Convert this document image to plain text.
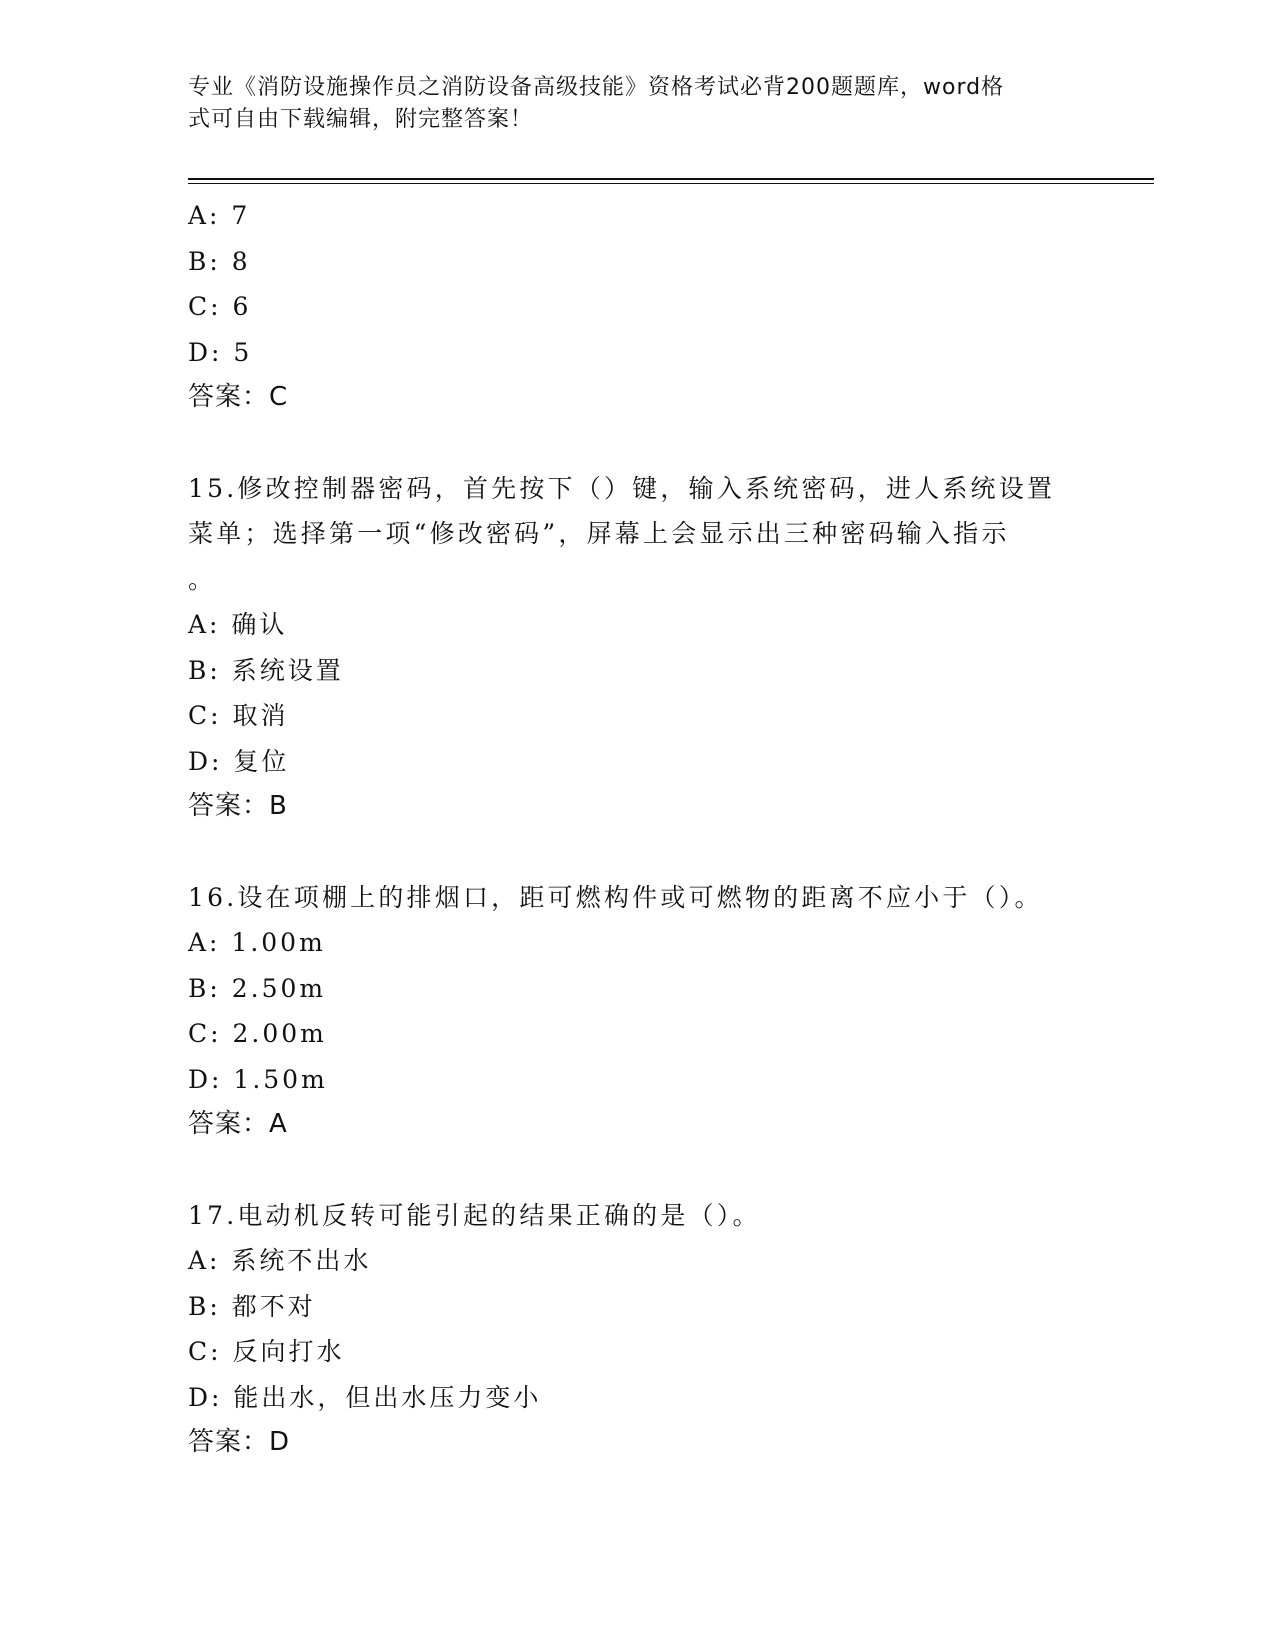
专业《消防设施操作员之消防设备高级技能》资格考试必背200题题库，word格
式可自由下载编辑，附完整答案！
A: 7
B: 8
C: 6
D: 5
答案：C
15.修改控制器密码，首先按下（）键，输入系统密码，进人系统设置
菜单；选择第一项“修改密码”，屏幕上会显示出三种密码输入指示
。
A: 确认
B: 系统设置
C: 取消
D: 复位
答案：B
16.设在项棚上的排烟口，距可燃构件或可燃物的距离不应小于（）。
A: 1.00m
B: 2.50m
C: 2.00m
D: 1.50m
答案：A
17.电动机反转可能引起的结果正确的是（）。
A: 系统不出水
B: 都不对
C: 反向打水
D: 能出水，但出水压力变小
答案：D
